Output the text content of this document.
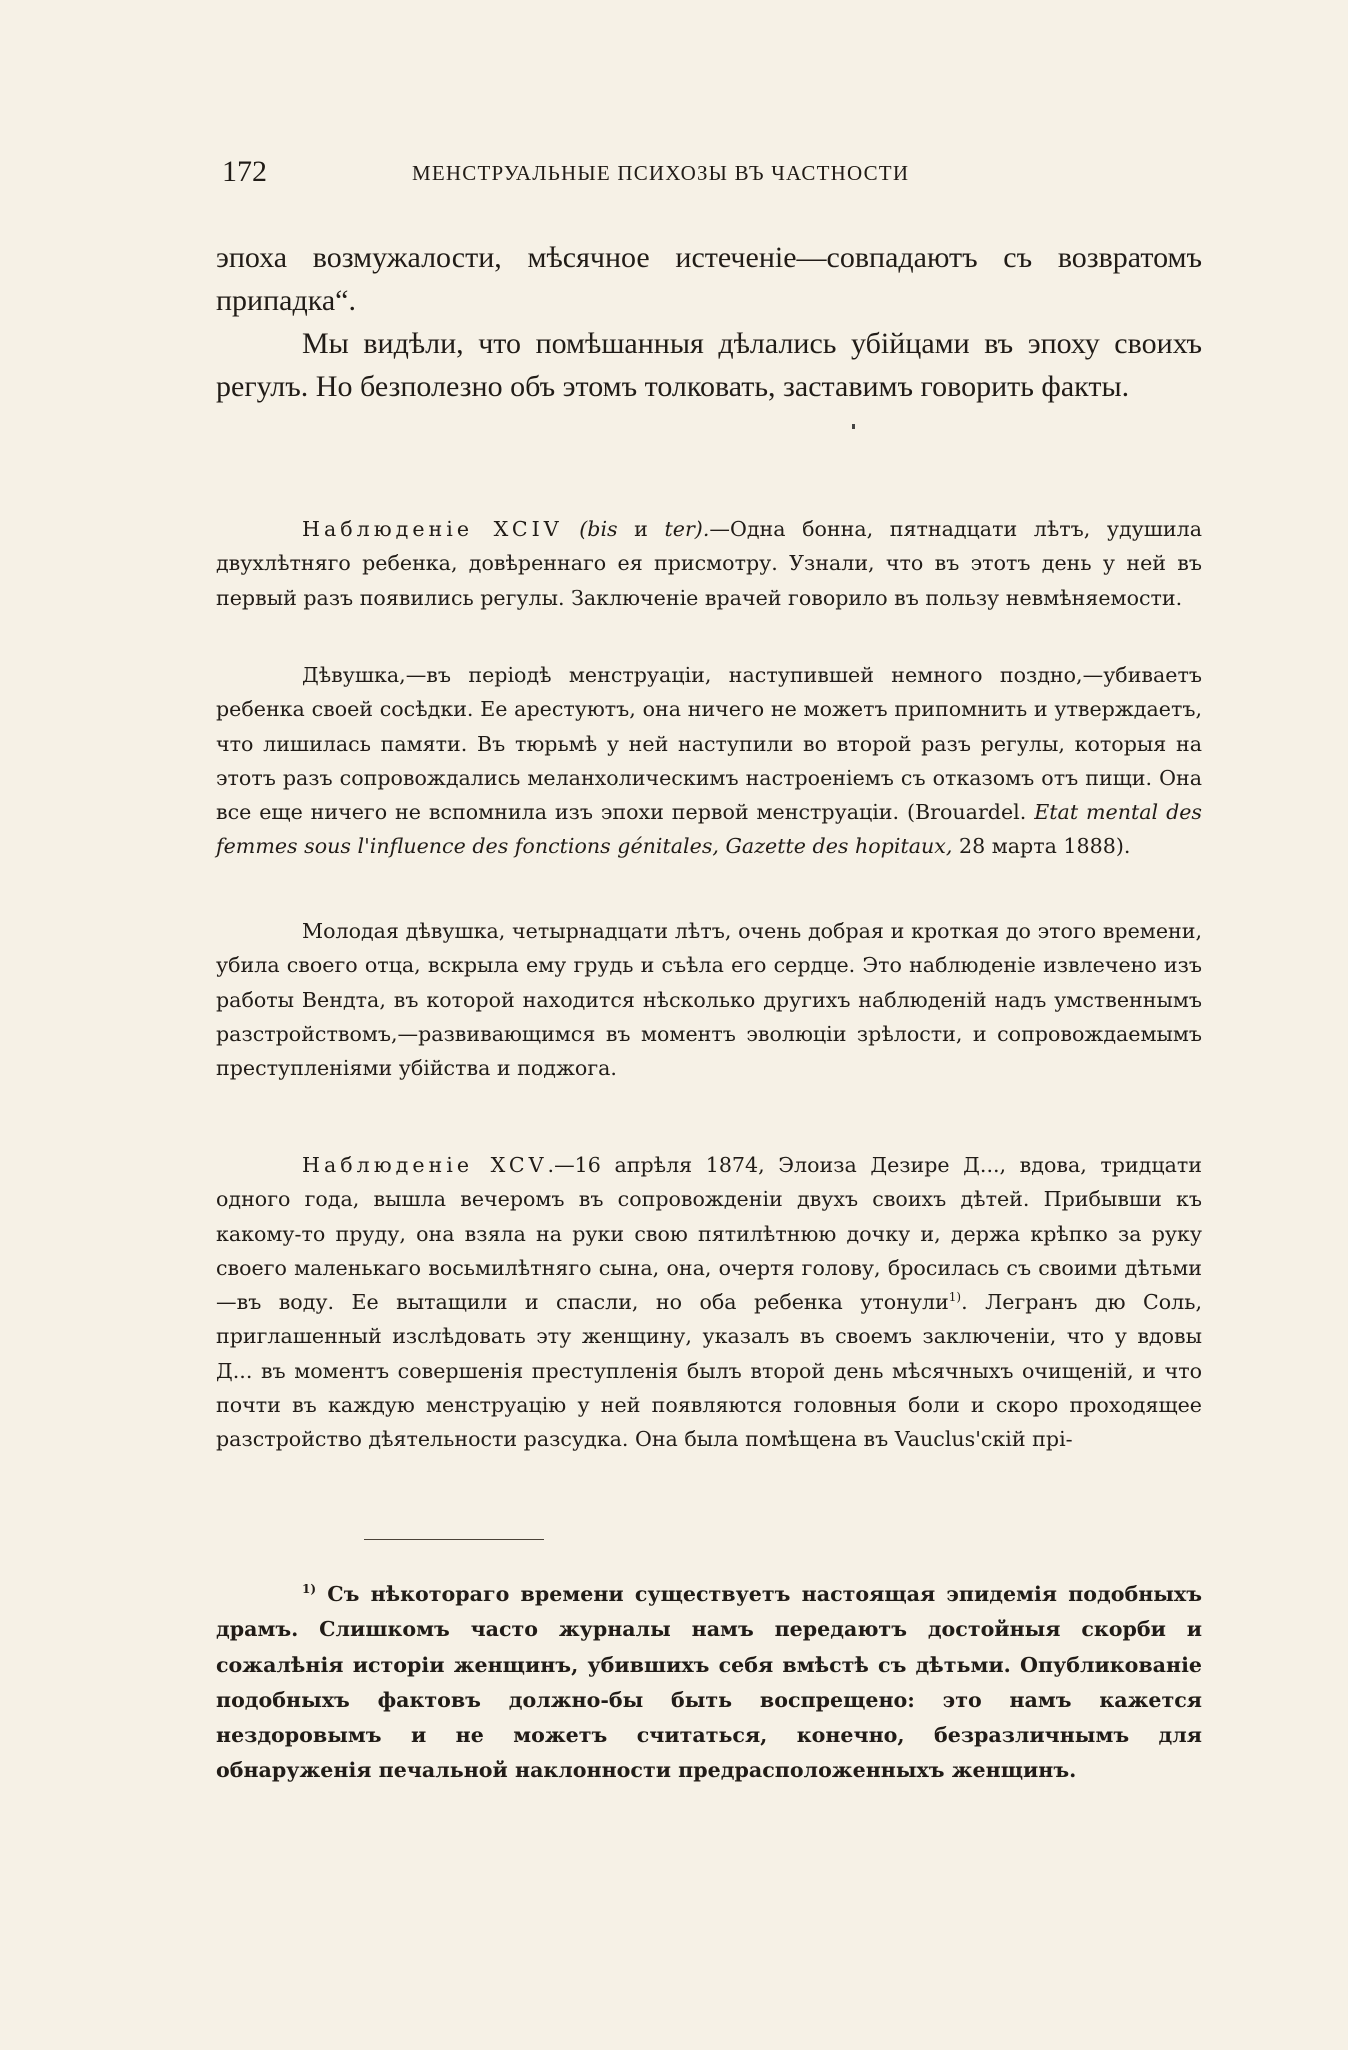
172	МЕНСТРУАЛЬНЫЕ ПСИХОЗЫ ВЪ ЧАСТНОСТИ

эпоха возмужалости, мѣсячное истеченіе—совпадаютъ съ возвратомъ припадка“.

Мы видѣли, что помѣшанныя дѣлались убійцами въ эпоху своихъ регулъ. Но безполезно объ этомъ толковать, заставимъ говорить факты.

Наблюденіе XCIV (bis и ter).—Одна бонна, пятнадцати лѣтъ, удушила двухлѣтняго ребенка, довѣреннаго ея присмотру. Узнали, что въ этотъ день у ней въ первый разъ появились регулы. Заключеніе врачей говорило въ пользу невмѣняемости.

Дѣвушка,—въ періодѣ менструаціи, наступившей немного поздно,—убиваетъ ребенка своей сосѣдки. Ее арестуютъ, она ничего не можетъ припомнить и утверждаетъ, что лишилась памяти. Въ тюрьмѣ у ней наступили во второй разъ регулы, которыя на этотъ разъ сопровождались меланхолическимъ настроеніемъ съ отказомъ отъ пищи. Она все еще ничего не вспомнила изъ эпохи первой менструаціи. (Brouardel. Etat mental des femmes sous l'influence des fonctions génitales, Gazette des hopitaux, 28 марта 1888).

Молодая дѣвушка, четырнадцати лѣтъ, очень добрая и кроткая до этого времени, убила своего отца, вскрыла ему грудь и съѣла его сердце. Это наблюденіе извлечено изъ работы Вендта, въ которой находится нѣсколько другихъ наблюденій надъ умственнымъ разстройствомъ,—развивающимся въ моментъ эволюціи зрѣлости, и сопровождаемымъ преступленіями убійства и поджога.

Наблюденіе XCV.—16 апрѣля 1874, Элоиза Дезире Д..., вдова, тридцати одного года, вышла вечеромъ въ сопровожденіи двухъ своихъ дѣтей. Прибывши къ какому-то пруду, она взяла на руки свою пятилѣтнюю дочку и, держа крѣпко за руку своего маленькаго восьмилѣтняго сына, она, очертя голову, бросилась съ своими дѣтьми—въ воду. Ее вытащили и спасли, но оба ребенка утонули$^{1)}$. Легранъ дю Соль, приглашенный изслѣдовать эту женщину, указалъ въ своемъ заключеніи, что у вдовы Д... въ моментъ совершенія преступленія былъ второй день мѣсячныхъ очищеній, и что почти въ каждую менструацію у ней появляются головныя боли и скоро проходящее разстройство дѣятельности разсудка. Она была помѣщена въ Vauclus'скій прі-

$^{1)}$ Съ нѣкотораго времени существуетъ настоящая эпидемія подобныхъ драмъ. Слишкомъ часто журналы намъ передаютъ достойныя скорби и сожалѣнія исторіи женщинъ, убившихъ себя вмѣстѣ съ дѣтьми. Опубликованіе подобныхъ фактовъ должно-бы быть воспрещено: это намъ кажется нездоровымъ и не можетъ считаться, конечно, безразличнымъ для обнаруженія печальной наклонности предрасположенныхъ женщинъ.
